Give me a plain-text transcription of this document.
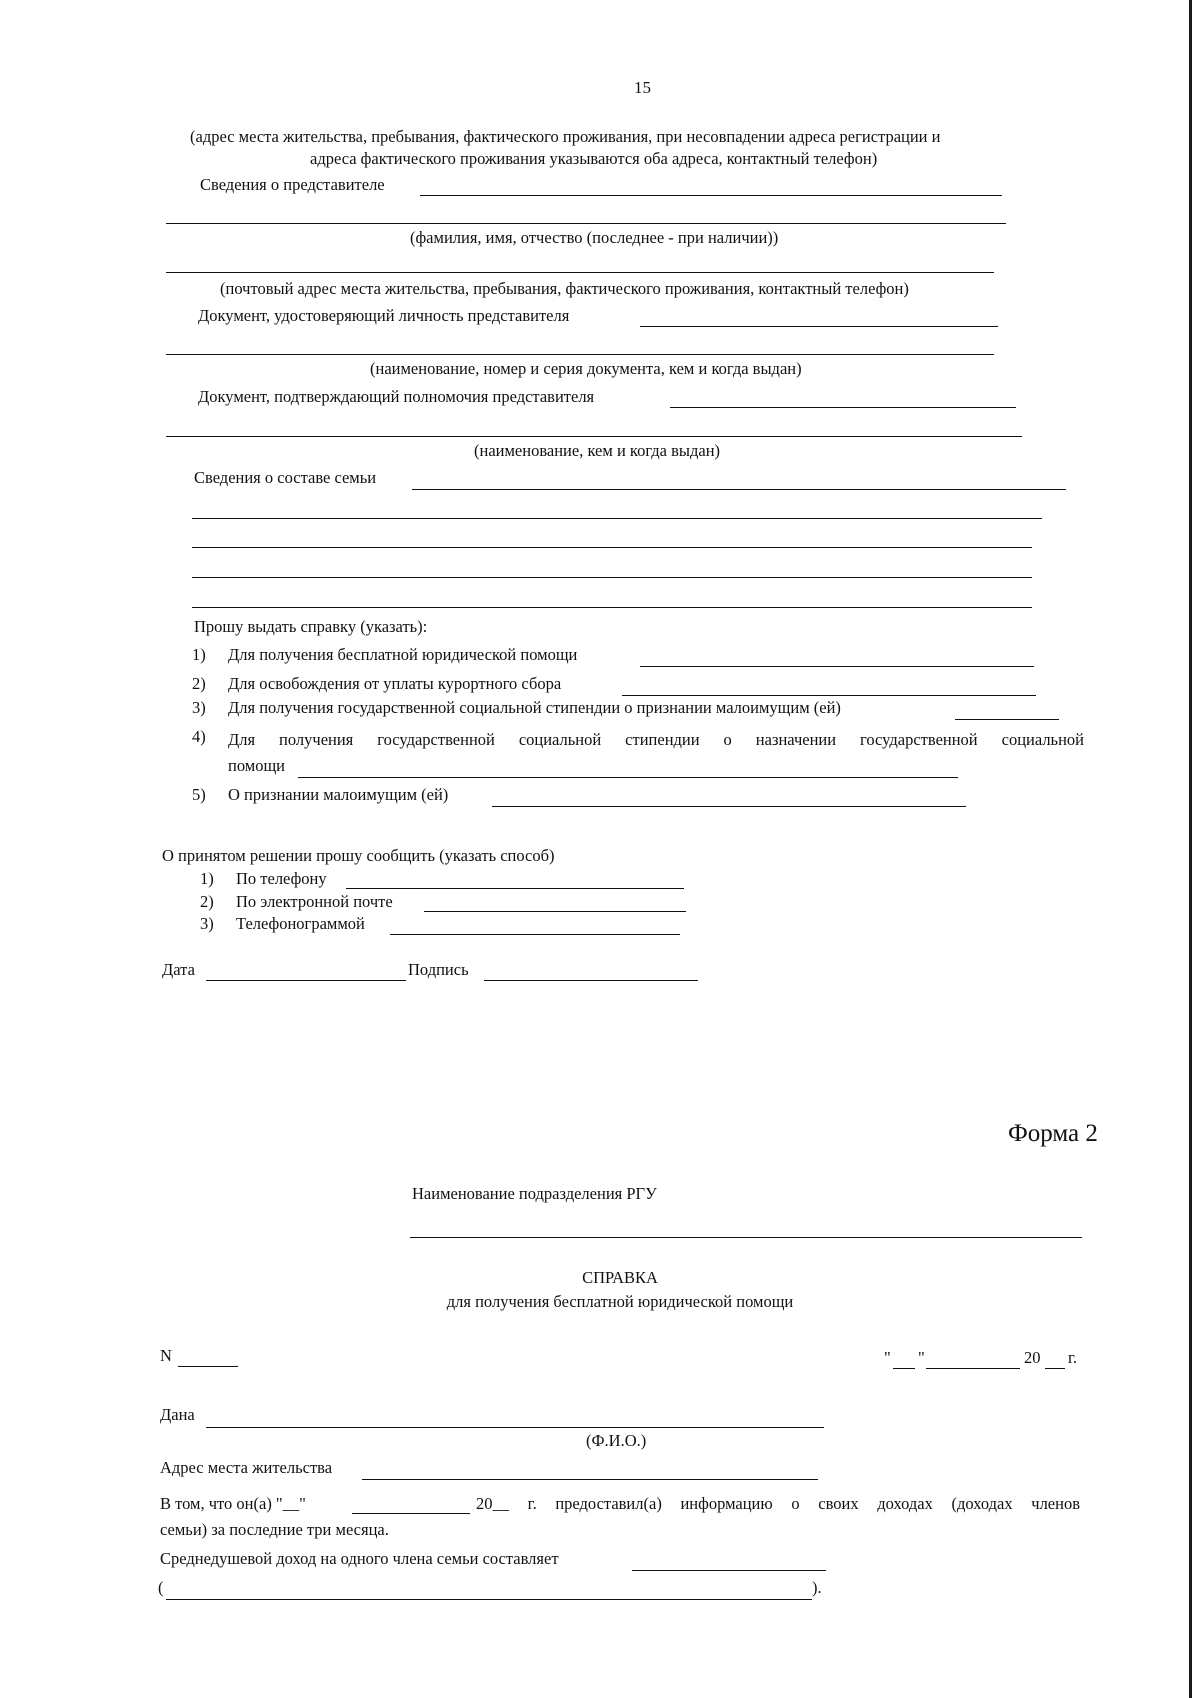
15
(адрес места жительства, пребывания, фактического проживания, при несовпадении адреса регистрации и
адреса фактического проживания указываются оба адреса, контактный телефон)
Сведения о представителе
(фамилия, имя, отчество (последнее - при наличии))
(почтовый адрес места жительства, пребывания, фактического проживания, контактный телефон)
Документ, удостоверяющий личность представителя
(наименование, номер и серия документа, кем и когда выдан)
Документ, подтверждающий полномочия представителя
(наименование, кем и когда выдан)
Сведения о составе семьи
Прошу выдать справку (указать):
1) Для получения бесплатной юридической помощи
2) Для освобождения от уплаты курортного сбора
3) Для получения государственной социальной стипендии о признании малоимущим (ей)
4) Для получения государственной социальной стипендии о назначении государственной социальной
помощи
5) О признании малоимущим (ей)
О принятом решении прошу сообщить (указать способ)
1) По телефону
2) По электронной почте
3) Телефонограммой
Дата	Подпись
Форма 2
Наименование подразделения РГУ
СПРАВКА
для получения бесплатной юридической помощи
N	" "	20 г.
Дана
(Ф.И.О.)
Адрес места жительства
В том, что он(а) "__"	20__ г. предоставил(а) информацию о своих доходах (доходах членов
семьи) за последние три месяца.
Среднедушевой доход на одного члена семьи составляет
(	).
